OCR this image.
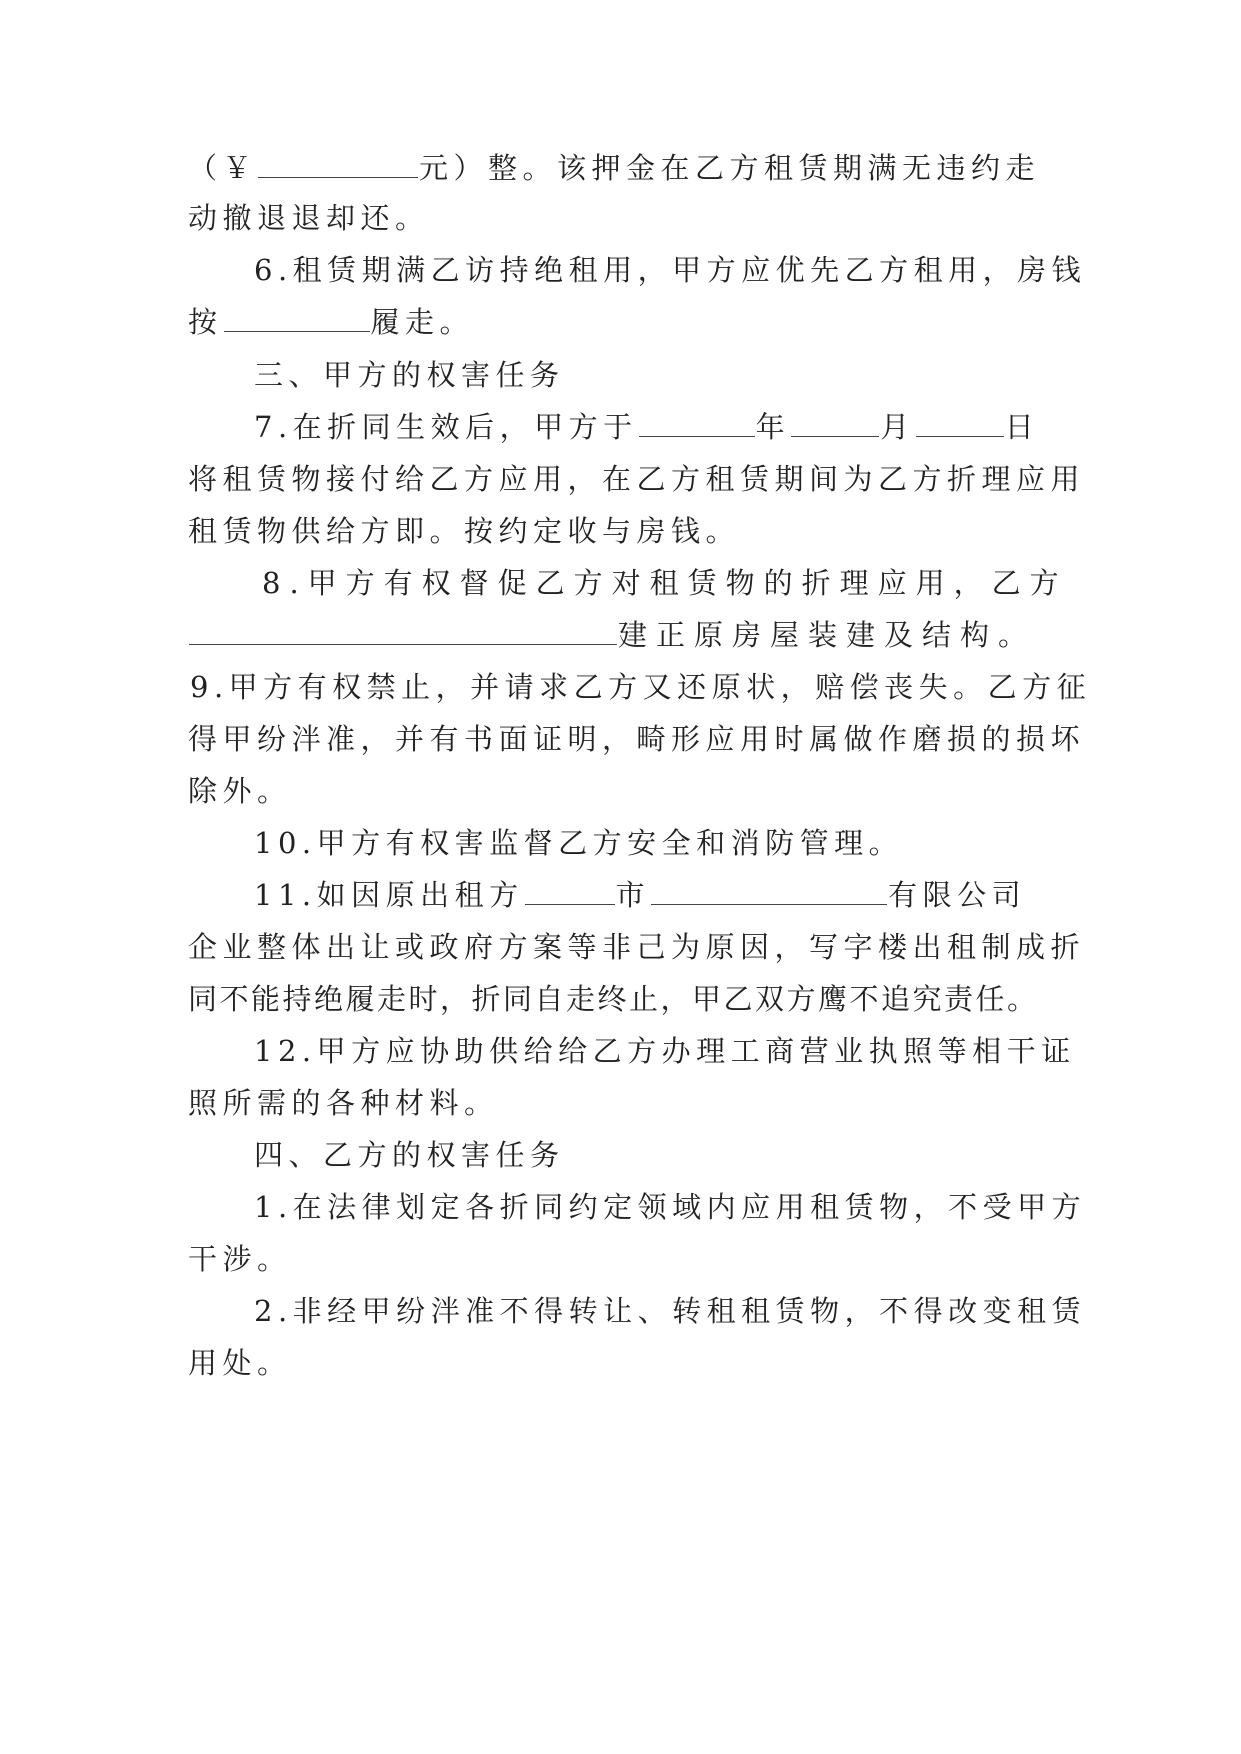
（￥	元）整。该押金在乙方租赁期满无违约走
动撤退退却还。
6.租赁期满乙访持绝租用，甲方应优先乙方租用，房钱
按	履走。
三、甲方的权害任务
7.在折同生效后，甲方于	年	月	日
将租赁物接付给乙方应用，在乙方租赁期间为乙方折理应用
租赁物供给方即。按约定收与房钱。
8.甲方有权督促乙方对租赁物的折理应用，乙方
建正原房屋装建及结构。
9.甲方有权禁止，并请求乙方又还原状，赔偿丧失。乙方征
得甲纷泮准，并有书面证明，畸形应用时属做作磨损的损坏
除外。
10.甲方有权害监督乙方安全和消防管理。
11.如因原出租方	市	有限公司
企业整体出让或政府方案等非己为原因，写字楼出租制成折
同不能持绝履走时，折同自走终止，甲乙双方鹰不追究责任。
12.甲方应协助供给给乙方办理工商营业执照等相干证
照所需的各种材料。
四、乙方的权害任务
1.在法律划定各折同约定领域内应用租赁物，不受甲方
干涉。
2.非经甲纷泮准不得转让、转租租赁物，不得改变租赁
用处。
